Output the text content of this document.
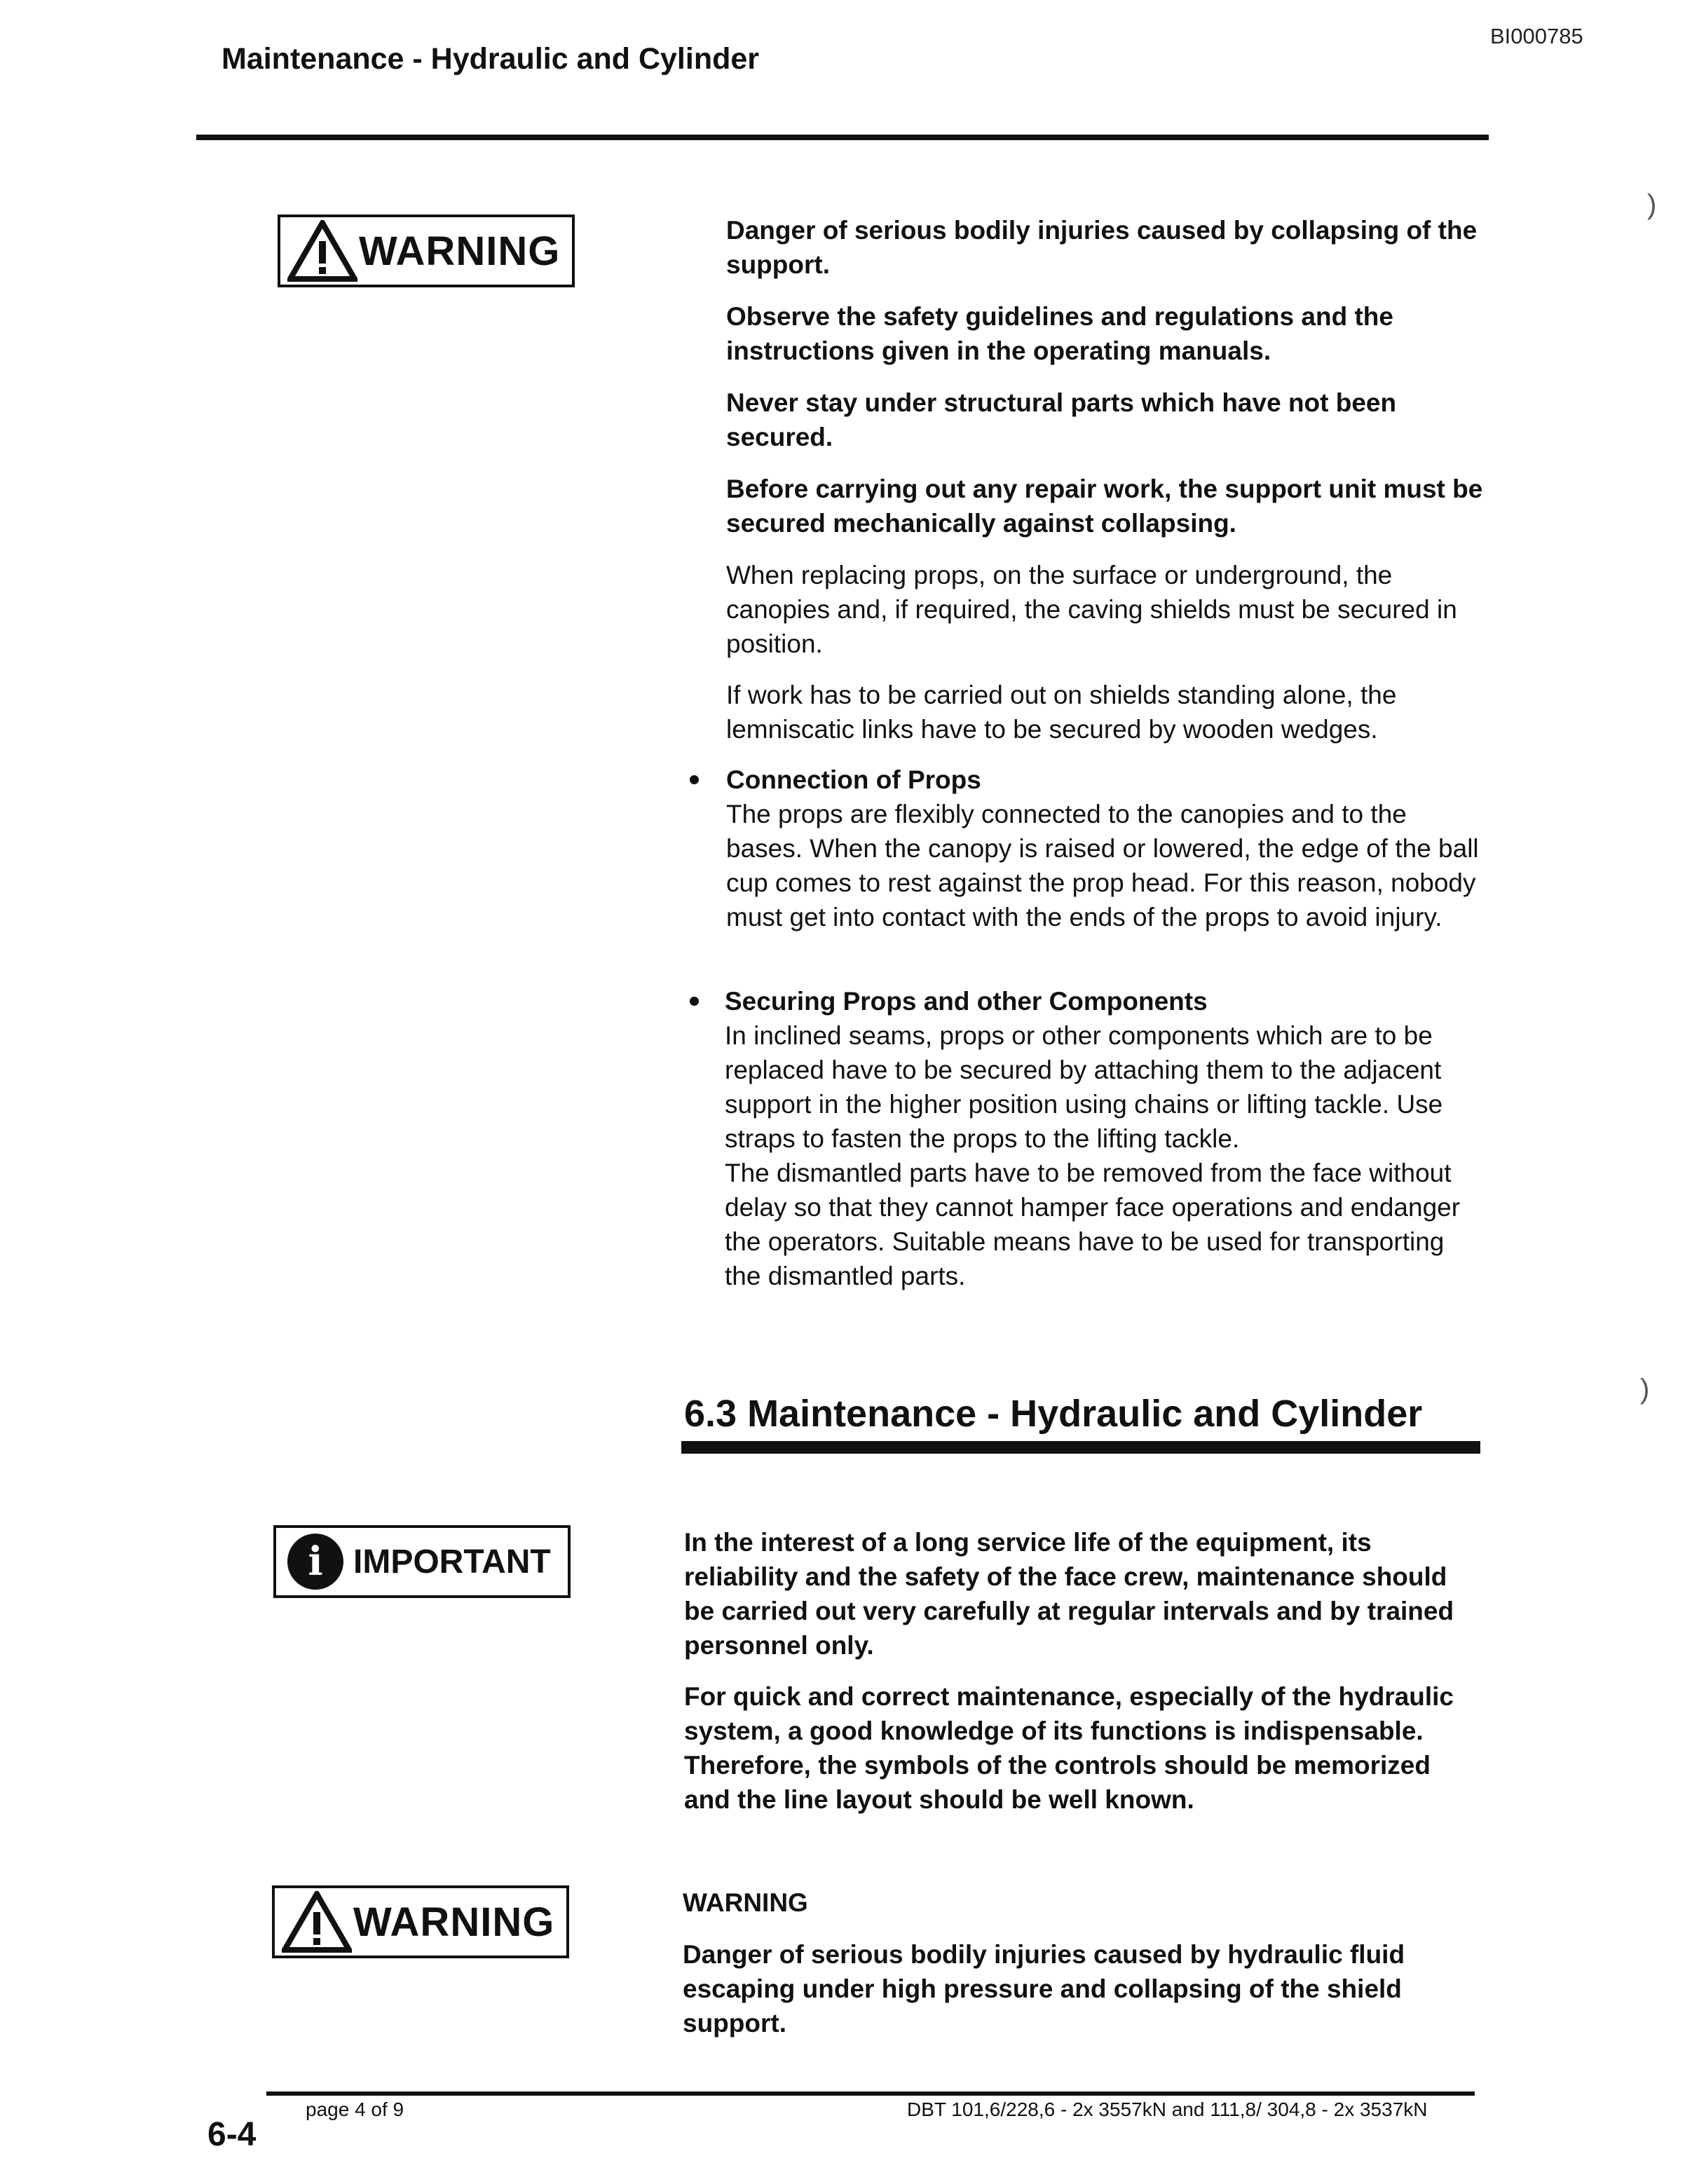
BI000785
Maintenance - Hydraulic and Cylinder
WARNING	Danger of serious bodily injuries caused by collapsing of the support.
Observe the safety guidelines and regulations and the instructions given in the operating manuals.
Never stay under structural parts which have not been secured.
Before carrying out any repair work, the support unit must be secured mechanically against collapsing.
When replacing props, on the surface or underground, the canopies and, if required, the caving shields must be secured in position.
If work has to be carried out on shields standing alone, the lemniscatic links have to be secured by wooden wedges.
Connection of Props
The props are flexibly connected to the canopies and to the bases. When the canopy is raised or lowered, the edge of the ball cup comes to rest against the prop head. For this reason, nobody must get into contact with the ends of the props to avoid injury.
Securing Props and other Components
In inclined seams, props or other components which are to be replaced have to be secured by attaching them to the adjacent support in the higher position using chains or lifting tackle. Use straps to fasten the props to the lifting tackle.
The dismantled parts have to be removed from the face without delay so that they cannot hamper face operations and endanger the operators. Suitable means have to be used for transporting the dismantled parts.
6.3 Maintenance - Hydraulic and Cylinder
i IMPORTANT
In the interest of a long service life of the equipment, its reliability and the safety of the face crew, maintenance should be carried out very carefully at regular intervals and by trained personnel only.
For quick and correct maintenance, especially of the hydraulic system, a good knowledge of its functions is indispensable. Therefore, the symbols of the controls should be memorized and the line layout should be well known.
WARNING	WARNING
Danger of serious bodily injuries caused by hydraulic fluid escaping under high pressure and collapsing of the shield support.
page 4 of 9	DBT 101,6/228,6 - 2x 3557kN and 111,8/ 304,8 - 2x 3537kN
6-4
)
)
